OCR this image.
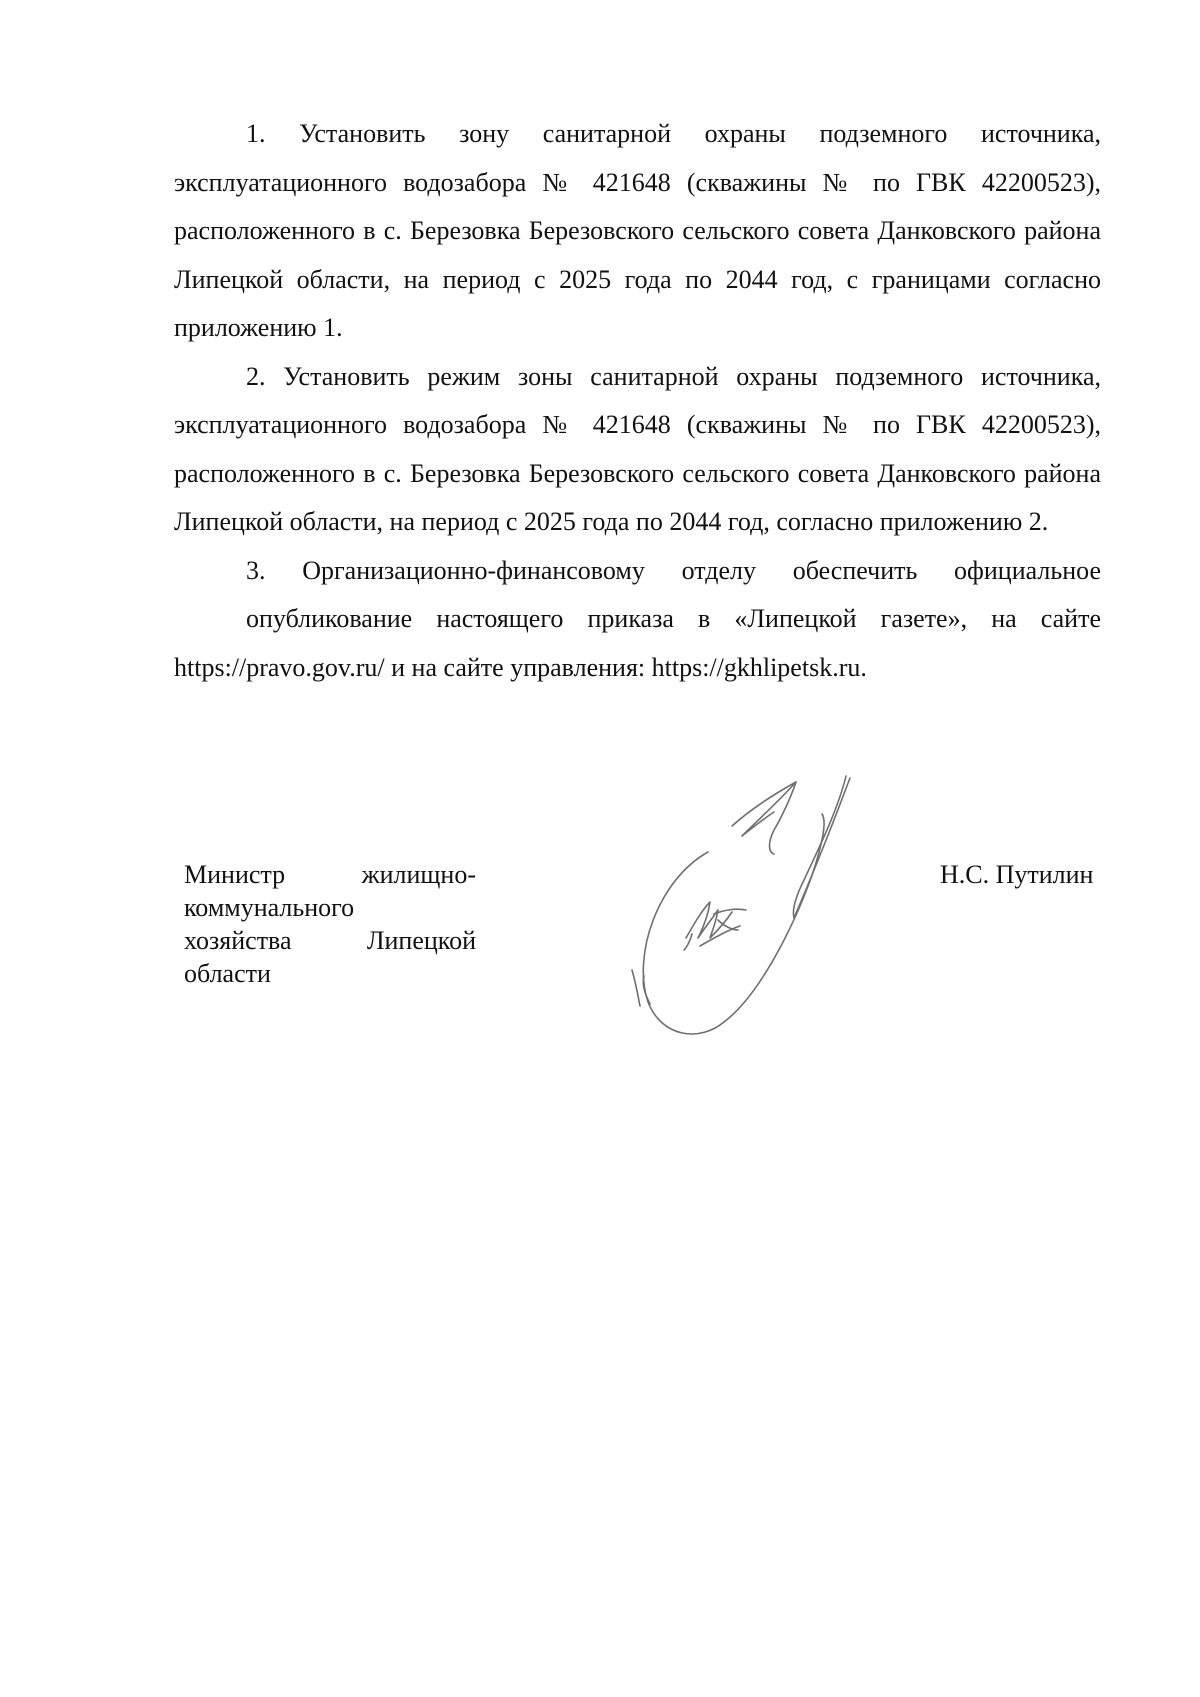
1. Установить зону санитарной охраны подземного источника, эксплуатационного водозабора № 421648 (скважины № по ГВК 42200523), расположенного в с. Березовка Березовского сельского совета Данковского района Липецкой области, на период с 2025 года по 2044 год, с границами согласно приложению 1.

2. Установить режим зоны санитарной охраны подземного источника, эксплуатационного водозабора № 421648 (скважины № по ГВК 42200523), расположенного в с. Березовка Березовского сельского совета Данковского района Липецкой области, на период с 2025 года по 2044 год, согласно приложению 2.

3. Организационно-финансовому отделу обеспечить официальное
опубликование настоящего приказа в «Липецкой газете», на сайте
https://pravo.gov.ru/ и на сайте управления: https://gkhlipetsk.ru.

Министр жилищно-
коммунального
хозяйства Липецкой
области
Н.С. Путилин
